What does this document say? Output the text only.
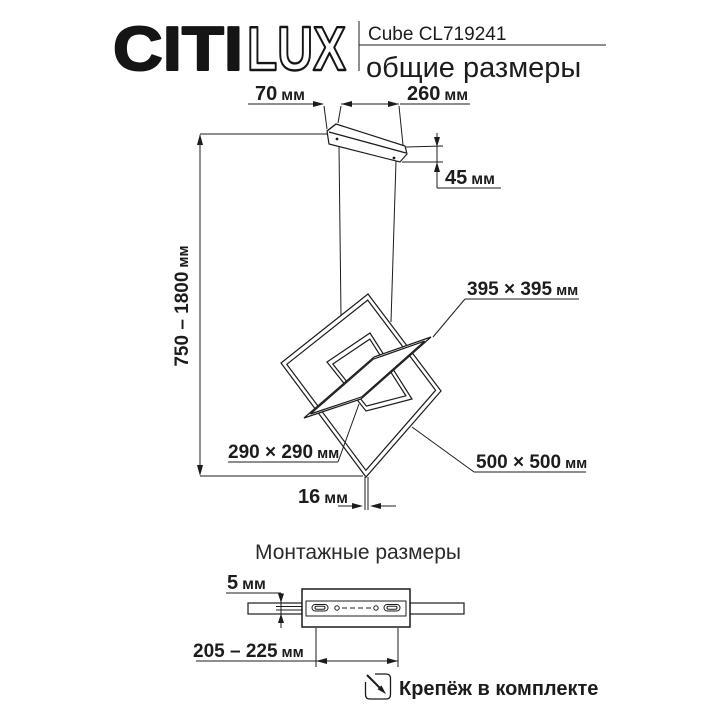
CITI LUX Cube CL719241
общие размеры
70 мм	260 мм
45 мм
750 – 1800мм
395 × 395 мм
290 × 290 мм	500 × 500 мм
16 мм
Монтажные размеры
5 мм
205 – 225 мм
Крепёж в комплекте
